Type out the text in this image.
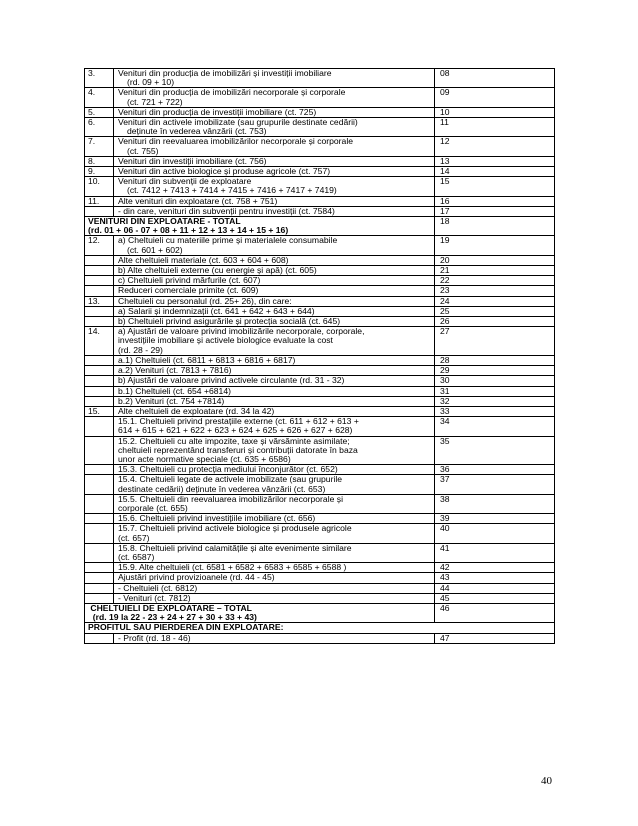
3.	Venituri din producția de imobilizări și investiții imobiliare
(rd. 09 + 10)	08
4.	Venituri din producția de imobilizări necorporale și corporale
(ct. 721 + 722)	09
5.	Venituri din producția de investiții imobiliare (ct. 725)	10
6.	Venituri din activele imobilizate (sau grupurile destinate cedării)
deținute în vederea vânzării (ct. 753)	11
7.	Venituri din reevaluarea imobilizărilor necorporale și corporale
(ct. 755)	12
8.	Venituri din investiții imobiliare (ct. 756)	13
9.	Venituri din active biologice și produse agricole (ct. 757)	14
10.	Venituri din subvenții de exploatare
(ct. 7412 + 7413 + 7414 + 7415 + 7416 + 7417 + 7419)	15
11.	Alte venituri din exploatare (ct. 758 + 751)	16

	- din care, venituri din subvenții pentru investiții (ct. 7584)	17

VENITURI DIN EXPLOATARE - TOTAL
(rd. 01 + 06 - 07 + 08 + 11 + 12 + 13 + 14 + 15 + 16)		18
12.	a) Cheltuieli cu materiile prime și materialele consumabile
(ct. 601 + 602)	19

	Alte cheltuieli materiale (ct. 603 + 604 + 608)	20

	b) Alte cheltuieli externe (cu energie și apă) (ct. 605)	21

	c) Cheltuieli privind mărfurile (ct. 607)	22

	Reduceri comerciale primite (ct. 609)	23
13.	Cheltuieli cu personalul (rd. 25+ 26), din care:	24

	a) Salarii și indemnizații (ct. 641 + 642 + 643 + 644)	25

	b) Cheltuieli privind asigurările și protecția socială (ct. 645)	26
14.	a) Ajustări de valoare privind imobilizările necorporale, corporale,
investițiile imobiliare și activele biologice evaluate la cost
(rd. 28 - 29)	27

	a.1) Cheltuieli (ct. 6811 + 6813 + 6816 + 6817)	28

	a.2) Venituri (ct. 7813 + 7816)	29

	b) Ajustări de valoare privind activele circulante (rd. 31 - 32)	30

	b.1) Cheltuieli (ct. 654 +6814)	31

	b.2) Venituri (ct. 754 +7814)	32
15.	Alte cheltuieli de exploatare (rd. 34 la 42)	33

	15.1. Cheltuieli privind prestațiile externe (ct. 611 + 612 + 613 +
614 + 615 + 621 + 622 + 623 + 624 + 625 + 626 + 627 + 628)	34

	15.2. Cheltuieli cu alte impozite, taxe și vărsăminte asimilate;
cheltuieli reprezentând transferuri și contribuții datorate în baza
unor acte normative speciale (ct. 635 + 6586)	35

	15.3. Cheltuieli cu protecția mediului înconjurător (ct. 652)	36

	15.4. Cheltuieli legate de activele imobilizate (sau grupurile
destinate cedării) deținute în vederea vânzării (ct. 653)	37

	15.5. Cheltuieli din reevaluarea imobilizărilor necorporale și
corporale (ct. 655)	38

	15.6. Cheltuieli privind investițiile imobiliare (ct. 656)	39

	15.7. Cheltuieli privind activele biologice și produsele agricole
(ct. 657)	40

	15.8. Cheltuieli privind calamitățile și alte evenimente similare
(ct. 6587)	41

	15.9. Alte cheltuieli (ct. 6581 + 6582 + 6583 + 6585 + 6588 )	42

	Ajustări privind provizioanele (rd. 44 - 45)	43

	- Cheltuieli (ct. 6812)	44

	- Venituri (ct. 7812)	45

CHELTUIELI DE EXPLOATARE – TOTAL
(rd. 19 la 22 - 23 + 24 + 27 + 30 + 33 + 43)		46

PROFITUL SAU PIERDEREA DIN EXPLOATARE:		

	- Profit (rd. 18 - 46)	47
40
